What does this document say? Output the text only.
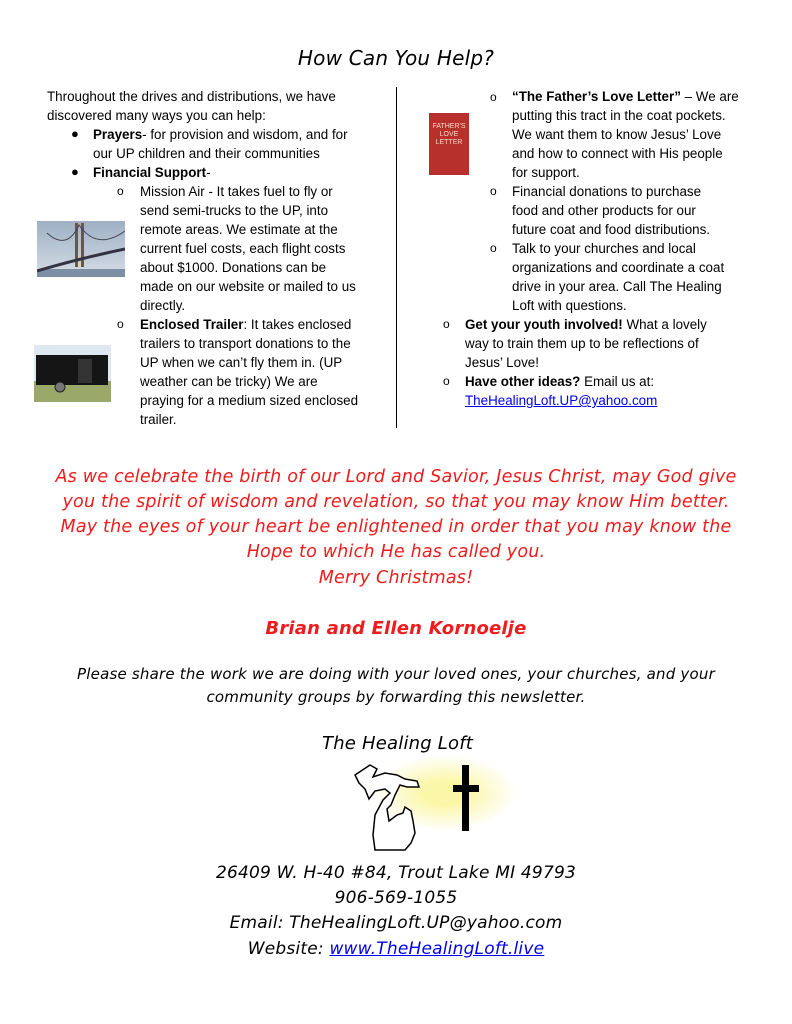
How Can You Help?
Throughout the drives and distributions, we have
discovered many ways you can help:
● Prayers- for provision and wisdom, and for
our UP children and their communities
● Financial Support-
o Mission Air - It takes fuel to fly or
send semi-trucks to the UP, into
remote areas. We estimate at the
current fuel costs, each flight costs
about $1000. Donations can be
made on our website or mailed to us
directly.
o Enclosed Trailer: It takes enclosed
trailers to transport donations to the
UP when we can’t fly them in. (UP
weather can be tricky) We are
praying for a medium sized enclosed
trailer.
FATHER'S LOVE LETTER
o “The Father’s Love Letter” – We are
putting this tract in the coat pockets.
We want them to know Jesus’ Love
and how to connect with His people
for support.
o Financial donations to purchase
food and other products for our
future coat and food distributions.
o Talk to your churches and local
organizations and coordinate a coat
drive in your area. Call The Healing
Loft with questions.
o Get your youth involved! What a lovely
way to train them up to be reflections of
Jesus’ Love!
o Have other ideas? Email us at:
TheHealingLoft.UP@yahoo.com
As we celebrate the birth of our Lord and Savior, Jesus Christ, may God give
you the spirit of wisdom and revelation, so that you may know Him better.
May the eyes of your heart be enlightened in order that you may know the
Hope to which He has called you.
Merry Christmas!
Brian and Ellen Kornoelje
Please share the work we are doing with your loved ones, your churches, and your
community groups by forwarding this newsletter.
The Healing Loft
26409 W. H-40 #84, Trout Lake MI 49793
906-569-1055
Email: TheHealingLoft.UP@yahoo.com
Website: www.TheHealingLoft.live
